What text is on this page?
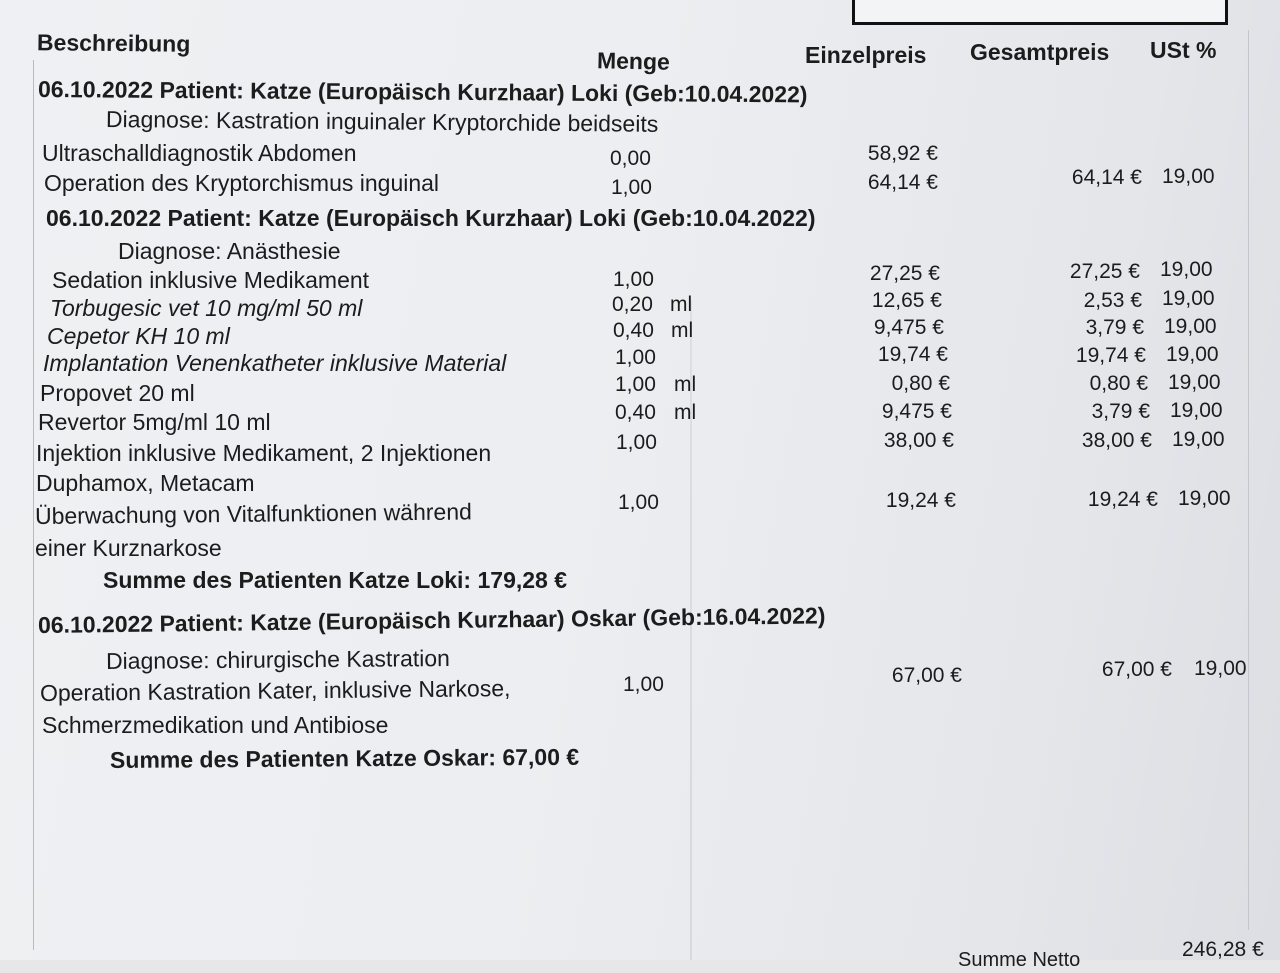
Beschreibung
Menge	Einzelpreis Gesamtpreis USt %
06.10.2022 Patient: Katze (Europäisch Kurzhaar) Loki (Geb:10.04.2022)
Diagnose: Kastration inguinaler Kryptorchide beidseits
Ultraschalldiagnostik Abdomen	0,00	58,92 €
Operation des Kryptorchismus inguinal	1,00	64,14 €	64,14 € 19,00
06.10.2022 Patient: Katze (Europäisch Kurzhaar) Loki (Geb:10.04.2022)
Diagnose: Anästhesie
Sedation inklusive Medikament	1,00	27,25 €	27,25 € 19,00
Torbugesic vet 10 mg/ml 50 ml	0,20 ml	12,65 €	2,53 € 19,00
Cepetor KH 10 ml	0,40 ml	9,475 €	3,79 € 19,00
Implantation Venenkatheter inklusive Material	1,00	19,74 €	19,74 € 19,00
Propovet 20 ml	1,00 ml	0,80 €	0,80 € 19,00
Revertor 5mg/ml 10 ml	0,40 ml	9,475 €	3,79 € 19,00
Injektion inklusive Medikament, 2 Injektionen
Duphamox, Metacam
1,00	38,00 €	38,00 € 19,00
Überwachung von Vitalfunktionen während
einer Kurznarkose
1,00	19,24 €	19,24 € 19,00
Summe des Patienten Katze Loki: 179,28 €
06.10.2022 Patient: Katze (Europäisch Kurzhaar) Oskar (Geb:16.04.2022)
Diagnose: chirurgische Kastration
Operation Kastration Kater, inklusive Narkose,
Schmerzmedikation und Antibiose
1,00	67,00 €	67,00 € 19,00
Summe des Patienten Katze Oskar: 67,00 €
Summe Netto	246,28 €
